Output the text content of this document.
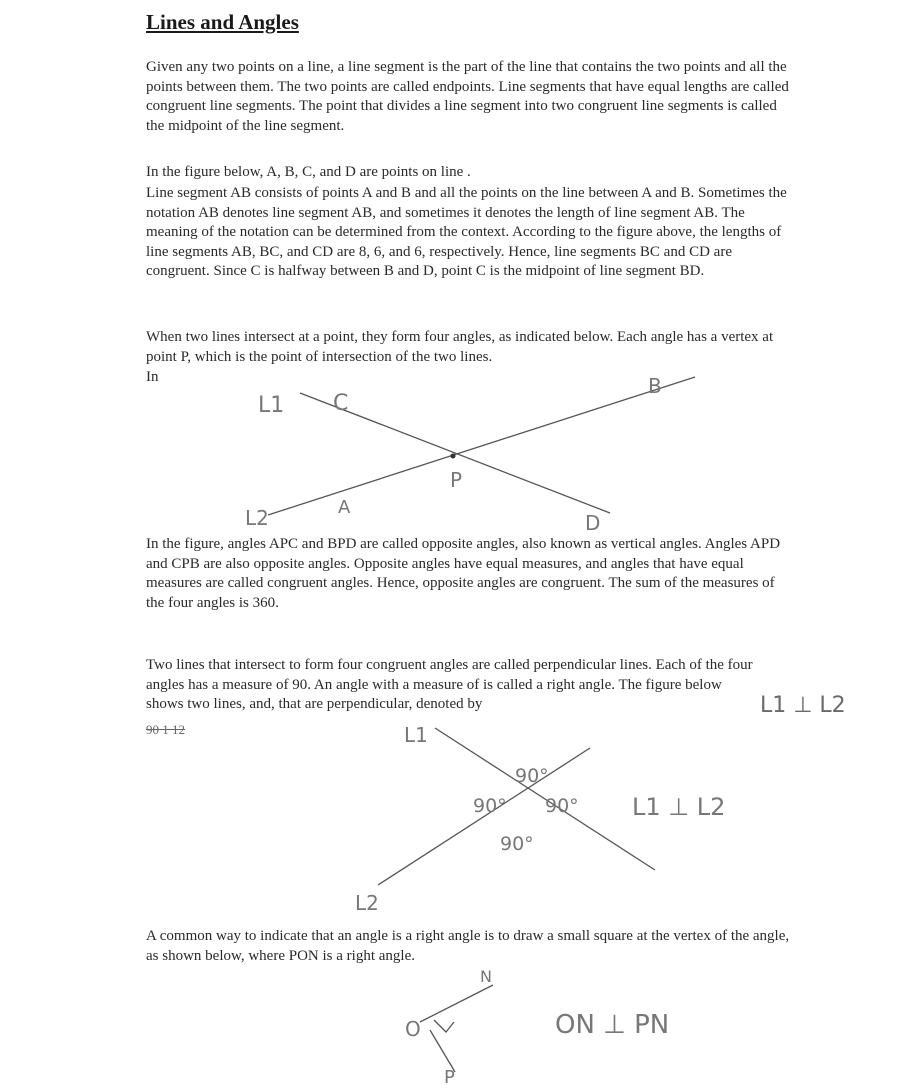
Lines and Angles

Given any two points on a line, a line segment is the part of the line that contains the two points and all the points between them. The two points are called endpoints. Line segments that have equal lengths are called congruent line segments. The point that divides a line segment into two congruent line segments is called the midpoint of the line segment.

In the figure below, A, B, C, and D are points on line .

Line segment AB consists of points A and B and all the points on the line between A and B. Sometimes the notation AB denotes line segment AB, and sometimes it denotes the length of line segment AB. The meaning of the notation can be determined from the context. According to the figure above, the lengths of line segments AB, BC, and CD are 8, 6, and 6, respectively. Hence, line segments BC and CD are congruent. Since C is halfway between B and D, point C is the midpoint of line segment BD.

When two lines intersect at a point, they form four angles, as indicated below. Each angle has a vertex at point P, which is the point of intersection of the two lines.

In

L1 C
B
P
L2	A
D
L1
L2
90°
90° 90°
90°
L1 ⊥ L2
N
O
P
ON ⊥ PN

In the figure, angles APC and BPD are called opposite angles, also known as vertical angles. Angles APD and CPB are also opposite angles. Opposite angles have equal measures, and angles that have equal measures are called congruent angles. Hence, opposite angles are congruent. The sum of the measures of the four angles is 360.

Two lines that intersect to form four congruent angles are called perpendicular lines. Each of the four angles has a measure of 90. An angle with a measure of is called a right angle. The figure below shows two lines, and, that are perpendicular, denoted by	L1 ⊥ L2
90 1 12

A common way to indicate that an angle is a right angle is to draw a small square at the vertex of the angle, as shown below, where PON is a right angle.
